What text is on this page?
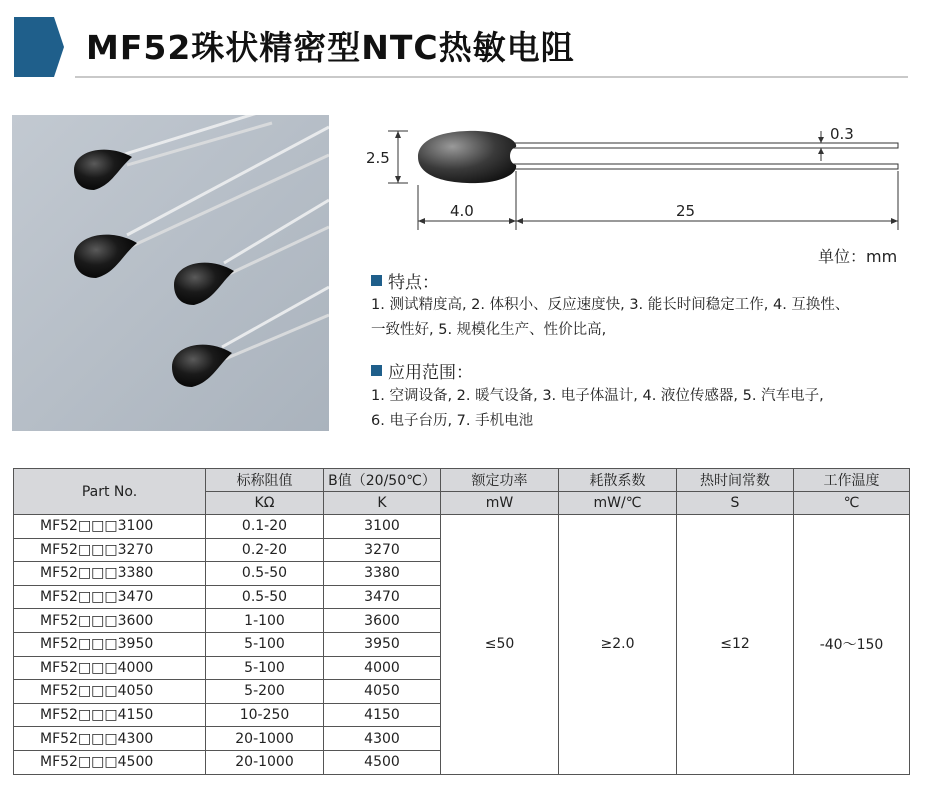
MF52珠状精密型NTC热敏电阻
2.5
0.3
4.0	25
单位：mm
特点：
1. 测试精度高, 2. 体积小、反应速度快, 3. 能长时间稳定工作, 4. 互换性、
一致性好, 5. 规模化生产、性价比高,
应用范围：
1. 空调设备, 2. 暖气设备, 3. 电子体温计, 4. 液位传感器, 5. 汽车电子,
6. 电子台历, 7. 手机电池
Part No.	标称阻值	B值（20/50℃）	额定功率	耗散系数	热时间常数	工作温度
	KΩ	K	mW	mW/℃	S	℃
MF52□□□3100	0.1-20	3100	≤50	≥2.0	≤12	-40～150
MF52□□□3270	0.2-20	3270				
MF52□□□3380	0.5-50	3380				
MF52□□□3470	0.5-50	3470				
MF52□□□3600	1-100	3600				
MF52□□□3950	5-100	3950				
MF52□□□4000	5-100	4000				
MF52□□□4050	5-200	4050				
MF52□□□4150	10-250	4150				
MF52□□□4300	20-1000	4300				
MF52□□□4500	20-1000	4500				
